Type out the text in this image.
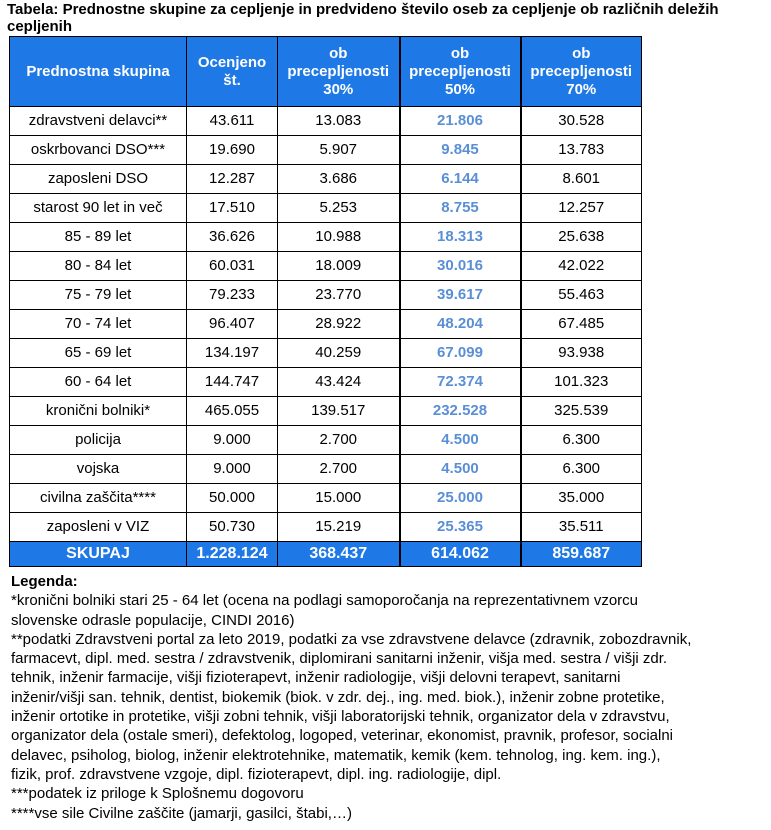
Tabela: Prednostne skupine za cepljenje in predvideno število oseb za cepljenje ob različnih deležih cepljenih
Prednostna skupina	Ocenjeno št.	ob precepljenosti 30%	ob precepljenosti 50%	ob precepljenosti 70%
zdravstveni delavci**	43.611	13.083	21.806	30.528
oskrbovanci DSO***	19.690	5.907	9.845	13.783
zaposleni DSO	12.287	3.686	6.144	8.601
starost 90 let in več	17.510	5.253	8.755	12.257
85 - 89 let	36.626	10.988	18.313	25.638
80 - 84 let	60.031	18.009	30.016	42.022
75 - 79 let	79.233	23.770	39.617	55.463
70 - 74 let	96.407	28.922	48.204	67.485
65 - 69 let	134.197	40.259	67.099	93.938
60 - 64 let	144.747	43.424	72.374	101.323
kronični bolniki*	465.055	139.517	232.528	325.539
policija	9.000	2.700	4.500	6.300
vojska	9.000	2.700	4.500	6.300
civilna zaščita****	50.000	15.000	25.000	35.000
zaposleni v VIZ	50.730	15.219	25.365	35.511
SKUPAJ	1.228.124	368.437	614.062	859.687
Legenda:

*kronični bolniki stari 25 - 64 let (ocena na podlagi samoporočanja na reprezentativnem vzorcu

slovenske odrasle populacije, CINDI 2016)

**podatki Zdravstveni portal za leto 2019, podatki za vse zdravstvene delavce (zdravnik, zobozdravnik,

farmacevt, dipl. med. sestra / zdravstvenik, diplomirani sanitarni inženir, višja med. sestra / višji zdr.

tehnik, inženir farmacije, višji fizioterapevt, inženir radiologije, višji delovni terapevt, sanitarni

inženir/višji san. tehnik, dentist, biokemik (biok. v zdr. dej., ing. med. biok.), inženir zobne protetike,

inženir ortotike in protetike, višji zobni tehnik, višji laboratorijski tehnik, organizator dela v zdravstvu,

organizator dela (ostale smeri), defektolog, logoped, veterinar, ekonomist, pravnik, profesor, socialni

delavec, psiholog, biolog, inženir elektrotehnike, matematik, kemik (kem. tehnolog, ing. kem. ing.),

fizik, prof. zdravstvene vzgoje, dipl. fizioterapevt, dipl. ing. radiologije, dipl.

***podatek iz priloge k Splošnemu dogovoru

****vse sile Civilne zaščite (jamarji, gasilci, štabi,…)
